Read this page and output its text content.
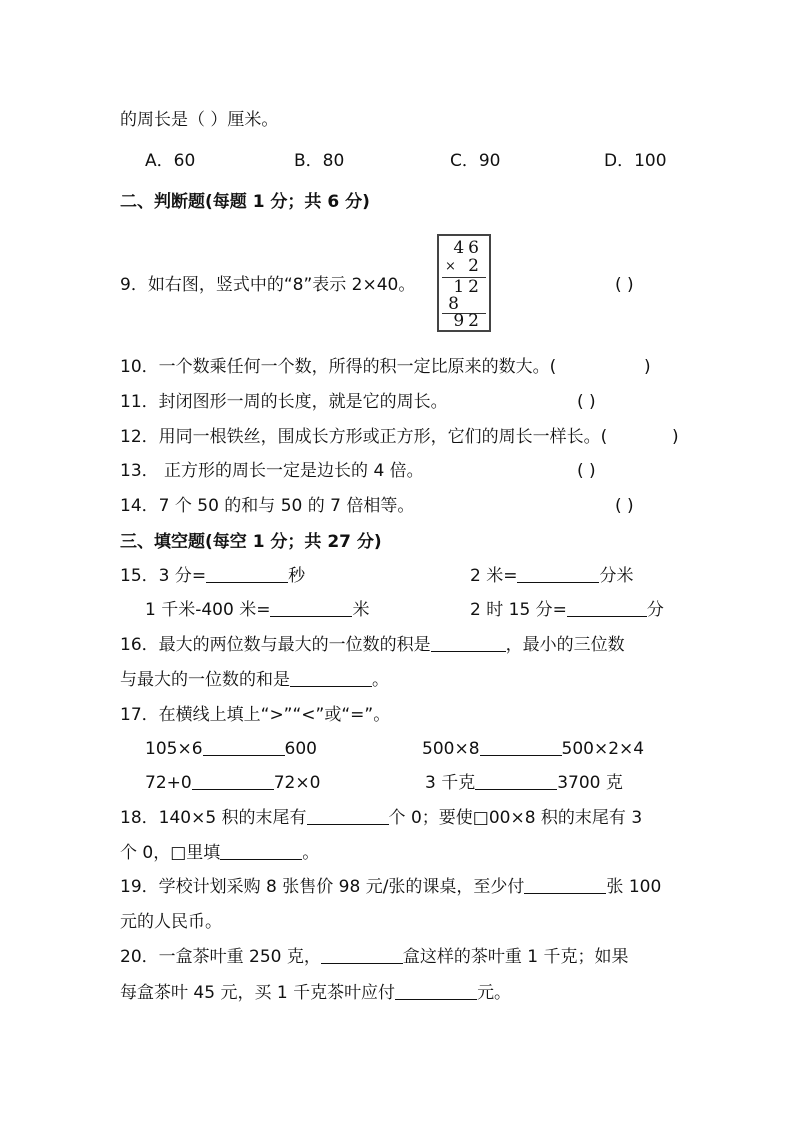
的周长是（ ）厘米。
A．60	B．80	C．90	D．100
二、判断题(每题 1 分；共 6 分)
9．如右图，竖式中的“8”表示 2×40。
46
× 2
12
8
92
( )
10．一个数乘任何一个数，所得的积一定比原来的数大。(	)
11．封闭图形一周的长度，就是它的周长。	( )
12．用同一根铁丝，围成长方形或正方形，它们的周长一样长。(	)
13． 正方形的周长一定是边长的 4 倍。	( )
14．7 个 50 的和与 50 的 7 倍相等。	( )
三、填空题(每空 1 分；共 27 分)
15．3 分=	秒	2 米=	分米
1 千米-400 米=	米	2 时 15 分=	分
16．最大的两位数与最大的一位数的积是	，最小的三位数
与最大的一位数的和是	。
17．在横线上填上“>”“<”或“=”。
105×6	600	500×8	500×2×4
72+0	72×0	3 千克	3700 克
18．140×5 积的末尾有	个 0；要使□00×8 积的末尾有 3
个 0，□里填	。
19．学校计划采购 8 张售价 98 元/张的课桌，至少付	张 100
元的人民币。
20．一盒茶叶重 250 克，	盒这样的茶叶重 1 千克；如果
每盒茶叶 45 元，买 1 千克茶叶应付	元。
